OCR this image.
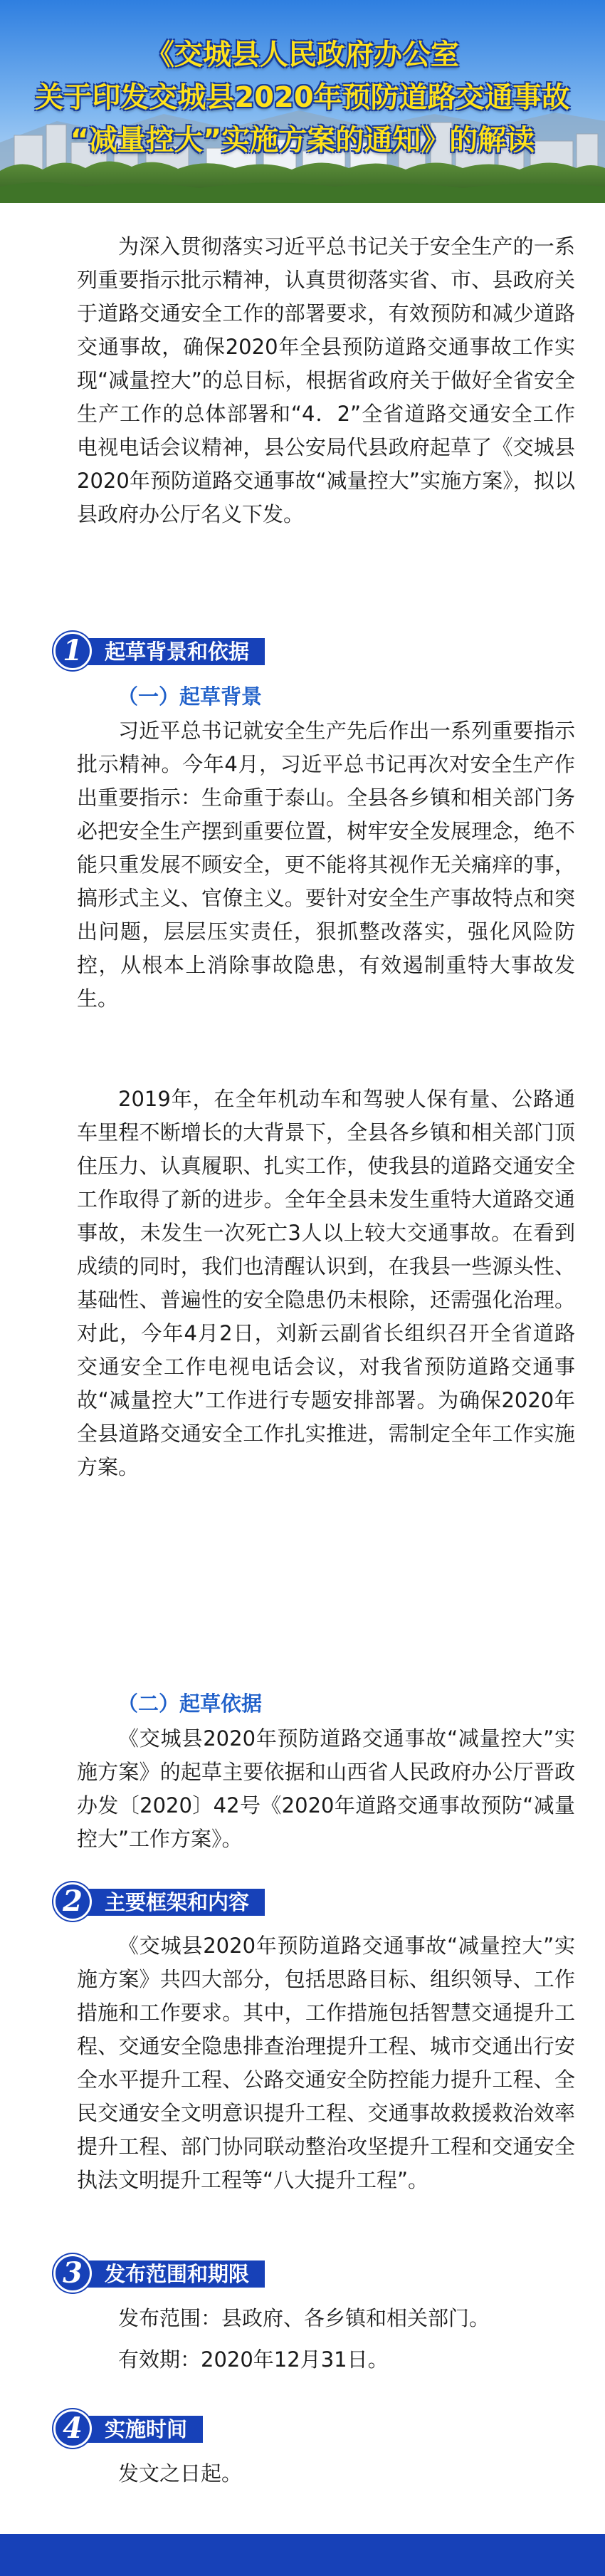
《交城县人民政府办公室
关于印发交城县2020年预防道路交通事故
“减量控大”实施方案的通知》的解读

为深入贯彻落实习近平总书记关于安全生产的一系列重要指示批示精神，认真贯彻落实省、市、县政府关于道路交通安全工作的部署要求，有效预防和减少道路交通事故，确保2020年全县预防道路交通事故工作实现“减量控大”的总目标，根据省政府关于做好全省安全生产工作的总体部署和“4．2”全省道路交通安全工作电视电话会议精神，县公安局代县政府起草了《交城县2020年预防道路交通事故“减量控大”实施方案》，拟以县政府办公厅名义下发。

起草背景和依据
1
（一）起草背景

习近平总书记就安全生产先后作出一系列重要指示批示精神。今年4月，习近平总书记再次对安全生产作出重要指示：生命重于泰山。全县各乡镇和相关部门务必把安全生产摆到重要位置，树牢安全发展理念，绝不能只重发展不顾安全，更不能将其视作无关痛痒的事，搞形式主义、官僚主义。要针对安全生产事故特点和突出问题，层层压实责任，狠抓整改落实，强化风险防控，从根本上消除事故隐患，有效遏制重特大事故发生。

2019年，在全年机动车和驾驶人保有量、公路通车里程不断增长的大背景下，全县各乡镇和相关部门顶住压力、认真履职、扎实工作，使我县的道路交通安全工作取得了新的进步。全年全县未发生重特大道路交通事故，未发生一次死亡3人以上较大交通事故。在看到成绩的同时，我们也清醒认识到，在我县一些源头性、基础性、普遍性的安全隐患仍未根除，还需强化治理。对此，今年4月2日，刘新云副省长组织召开全省道路交通安全工作电视电话会议，对我省预防道路交通事故“减量控大”工作进行专题安排部署。为确保2020年全县道路交通安全工作扎实推进，需制定全年工作实施方案。

（二）起草依据

《交城县2020年预防道路交通事故“减量控大”实施方案》的起草主要依据和山西省人民政府办公厅晋政办发〔2020〕42号《2020年道路交通事故预防“减量控大”工作方案》。

主要框架和内容
2

《交城县2020年预防道路交通事故“减量控大”实施方案》共四大部分，包括思路目标、组织领导、工作措施和工作要求。其中，工作措施包括智慧交通提升工程、交通安全隐患排查治理提升工程、城市交通出行安全水平提升工程、公路交通安全防控能力提升工程、全民交通安全文明意识提升工程、交通事故救援救治效率提升工程、部门协同联动整治攻坚提升工程和交通安全执法文明提升工程等“八大提升工程”。

发布范围和期限
3

发布范围：县政府、各乡镇和相关部门。

有效期：2020年12月31日。

实施时间
4

发文之日起。
